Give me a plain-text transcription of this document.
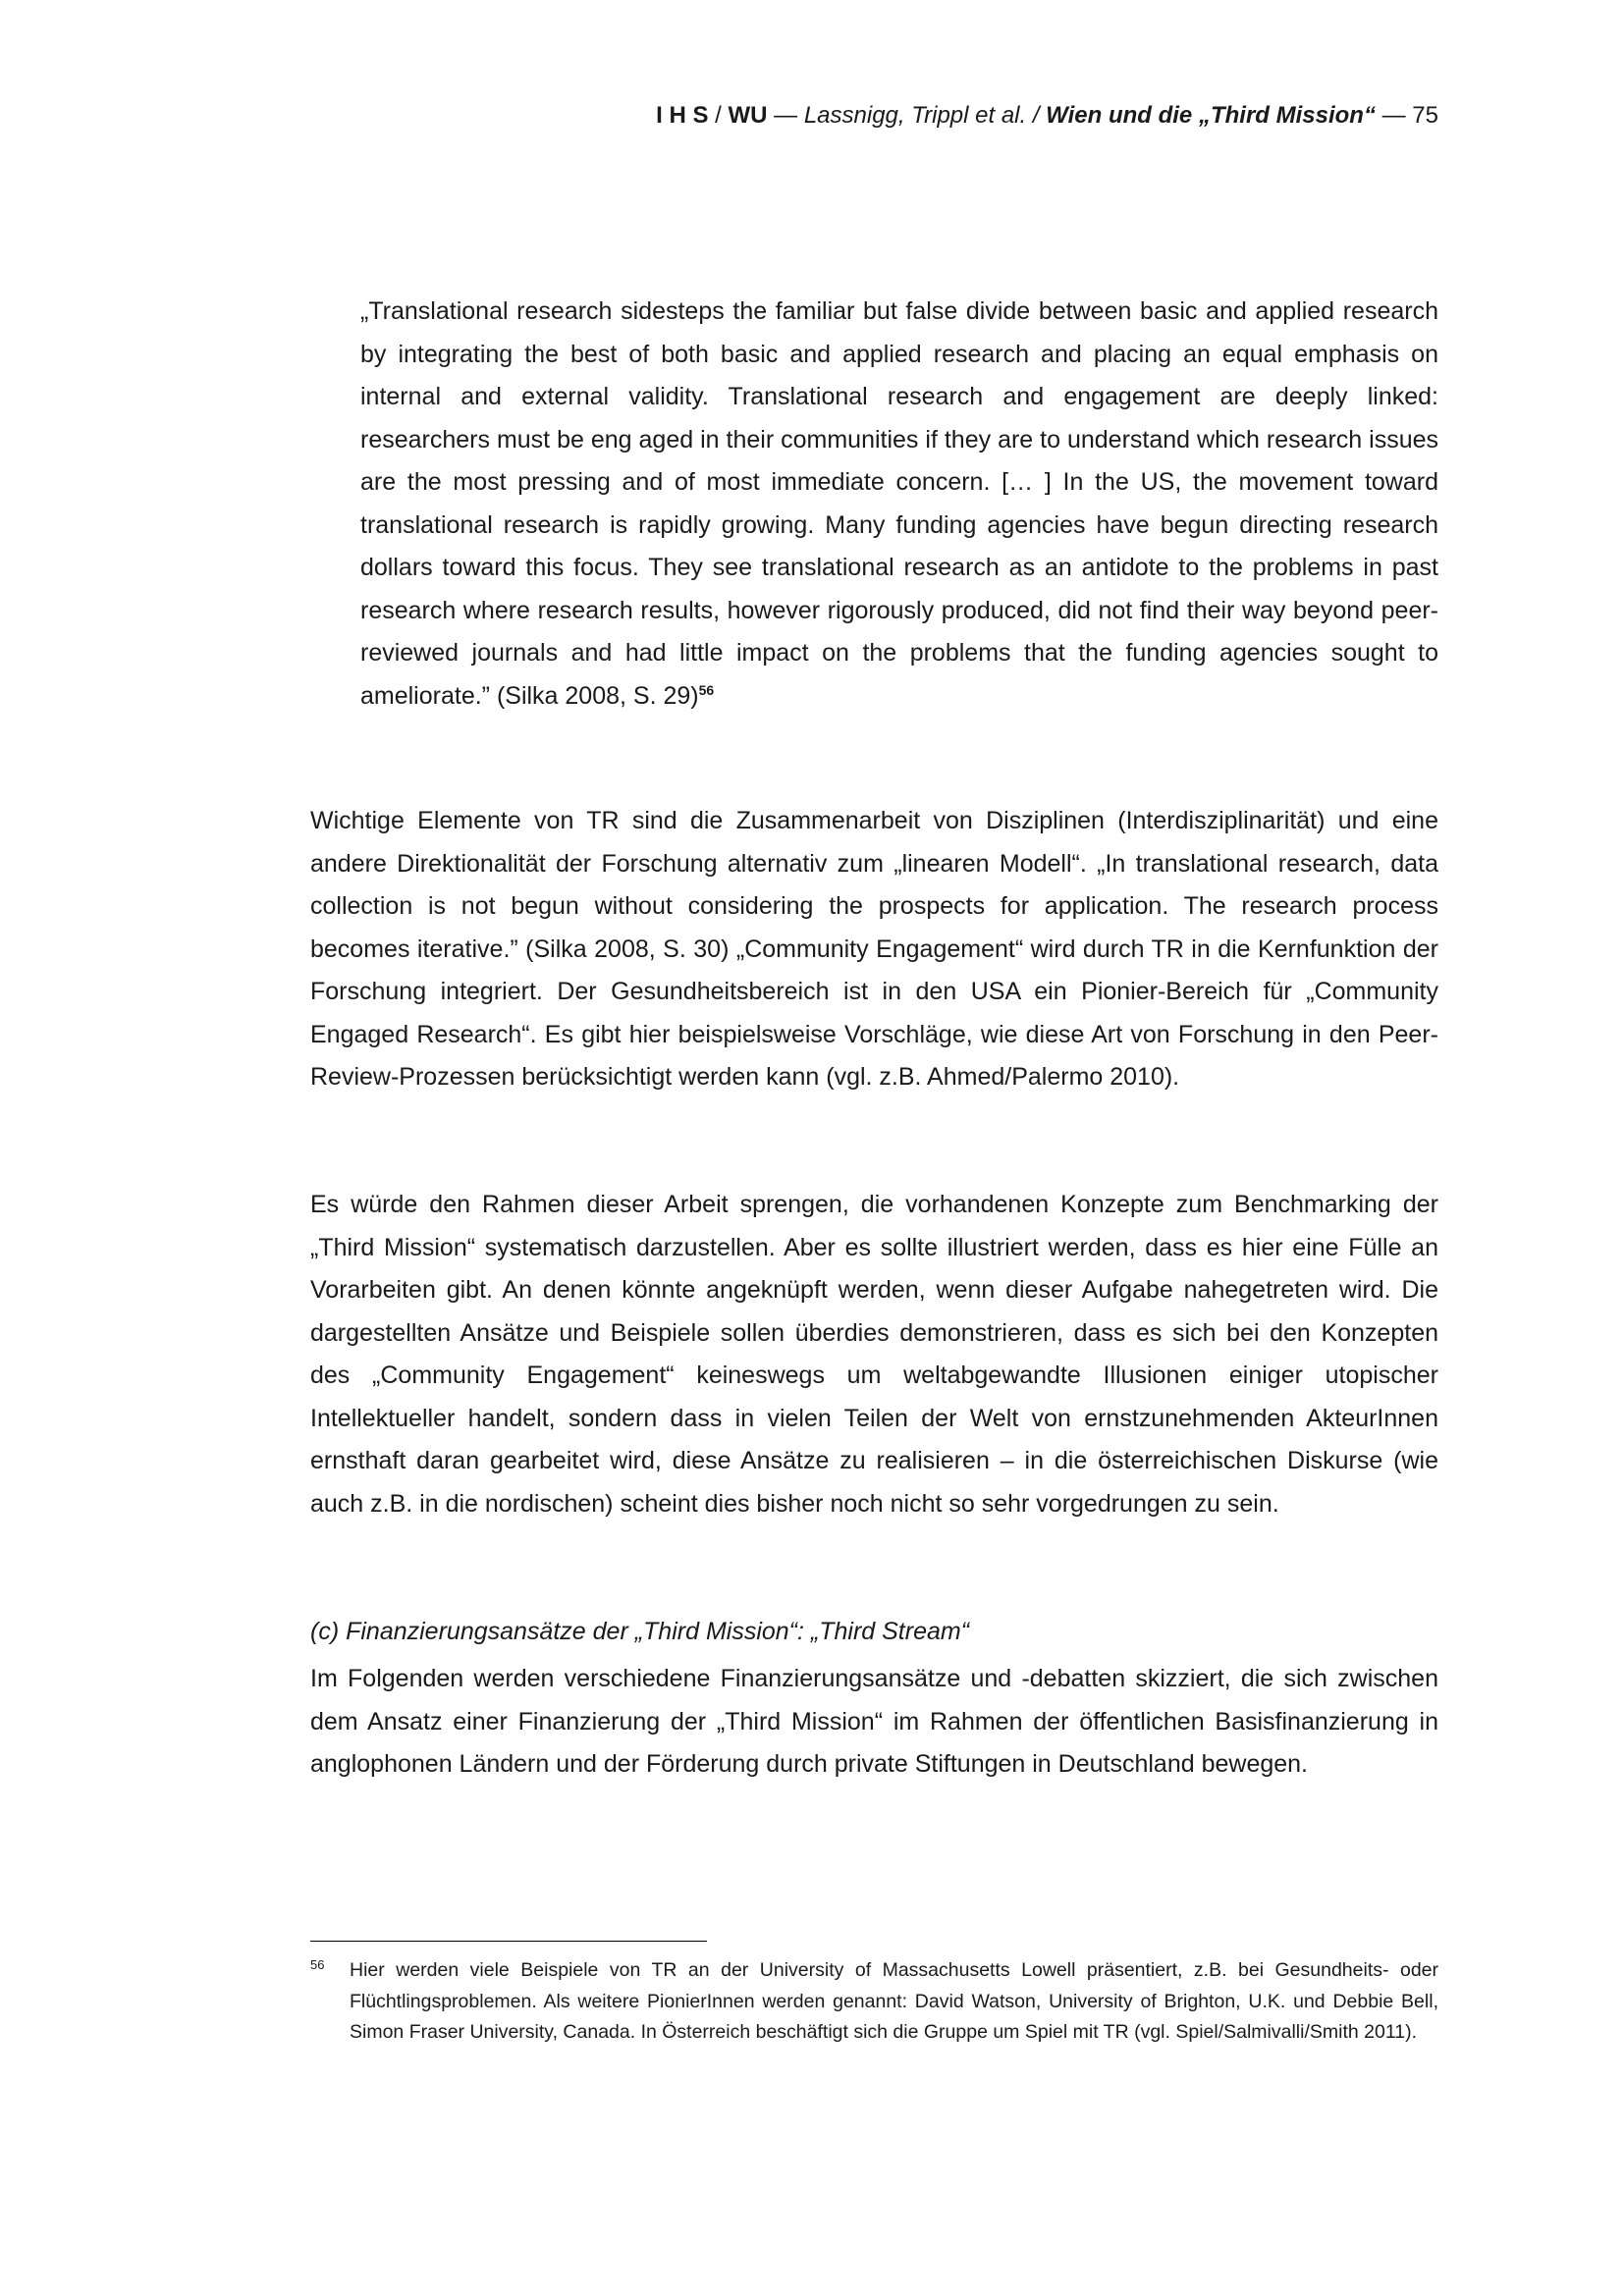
I H S / WU — Lassnigg, Trippl et al. / Wien und die „Third Mission“ — 75

„Translational research sidesteps the familiar but false divide between basic and applied research by integrating the best of both basic and applied research and placing an equal emphasis on internal and external validity. Translational research and engagement are deeply linked: researchers must be eng aged in their communities if they are to understand which research issues are the most pressing and of most immediate concern. [… ] In the US, the movement toward translational research is rapidly growing. Many funding agencies have begun directing research dollars toward this focus. They see translational research as an antidote to the problems in past research where research results, however rigorously produced, did not find their way beyond peer-reviewed journals and had little impact on the problems that the funding agencies sought to ameliorate.” (Silka 2008, S. 29)$^{56}$

Wichtige Elemente von TR sind die Zusammenarbeit von Disziplinen (Interdisziplinarität) und eine andere Direktionalität der Forschung alternativ zum „linearen Modell“. „In translational research, data collection is not begun without considering the prospects for application. The research process becomes iterative.” (Silka 2008, S. 30) „Community Engagement“ wird durch TR in die Kernfunktion der Forschung integriert. Der Gesundheitsbereich ist in den USA ein Pionier-Bereich für „Community Engaged Research“. Es gibt hier beispielsweise Vorschläge, wie diese Art von Forschung in den Peer-Review-Prozessen berücksichtigt werden kann (vgl. z.B. Ahmed/Palermo 2010).

Es würde den Rahmen dieser Arbeit sprengen, die vorhandenen Konzepte zum Benchmarking der „Third Mission“ systematisch darzustellen. Aber es sollte illustriert werden, dass es hier eine Fülle an Vorarbeiten gibt. An denen könnte angeknüpft werden, wenn dieser Aufgabe nahegetreten wird. Die dargestellten Ansätze und Beispiele sollen überdies demonstrieren, dass es sich bei den Konzepten des „Community Engagement“ keineswegs um weltabgewandte Illusionen einiger utopischer Intellektueller handelt, sondern dass in vielen Teilen der Welt von ernstzunehmenden AkteurInnen ernsthaft daran gearbeitet wird, diese Ansätze zu realisieren – in die österreichischen Diskurse (wie auch z.B. in die nordischen) scheint dies bisher noch nicht so sehr vorgedrungen zu sein.

(c) Finanzierungsansätze der „Third Mission“: „Third Stream“

Im Folgenden werden verschiedene Finanzierungsansätze und -debatten skizziert, die sich zwischen dem Ansatz einer Finanzierung der „Third Mission“ im Rahmen der öffentlichen Basisfinanzierung in anglophonen Ländern und der Förderung durch private Stiftungen in Deutschland bewegen.

56 Hier werden viele Beispiele von TR an der University of Massachusetts Lowell präsentiert, z.B. bei Gesundheits- oder Flüchtlingsproblemen. Als weitere PionierInnen werden genannt: David Watson, University of Brighton, U.K. und Debbie Bell, Simon Fraser University, Canada. In Österreich beschäftigt sich die Gruppe um Spiel mit TR (vgl. Spiel/Salmivalli/Smith 2011).
